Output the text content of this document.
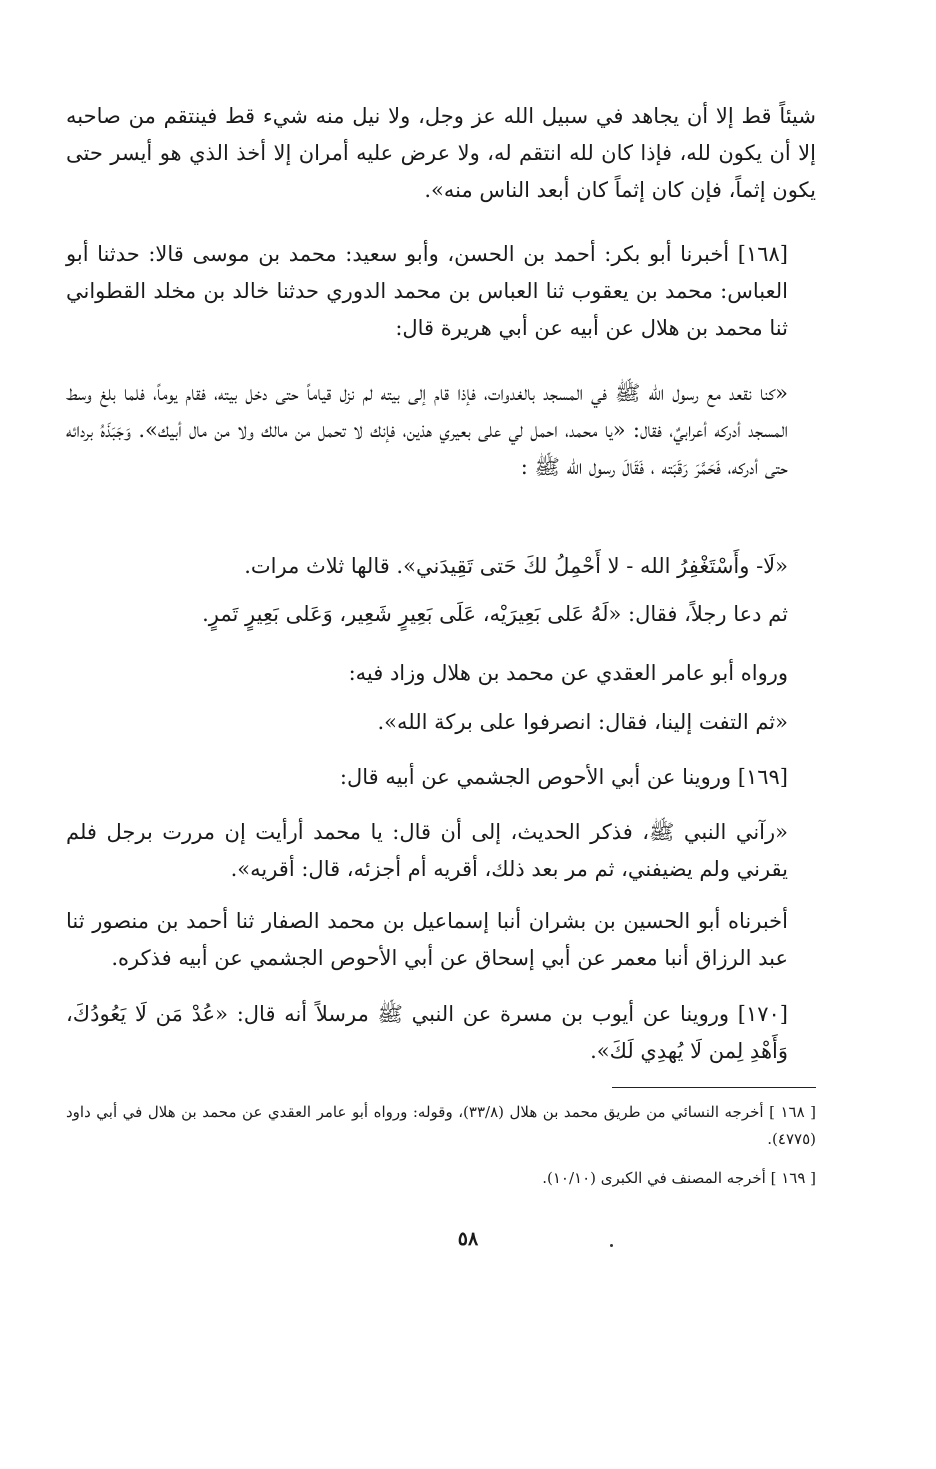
شيئاً قط إلا أن يجاهد في سبيل الله عز وجل، ولا نيل منه شيء قط فينتقم من صاحبه إلا أن يكون لله، فإذا كان لله انتقم له، ولا عرض عليه أمران إلا أخذ الذي هو أيسر حتى يكون إثماً، فإن كان إثماً كان أبعد الناس منه».

[١٦٨] أخبرنا أبو بكر: أحمد بن الحسن، وأبو سعيد: محمد بن موسى قالا: حدثنا أبو العباس: محمد بن يعقوب ثنا العباس بن محمد الدوري حدثنا خالد بن مخلد القطواني ثنا محمد بن هلال عن أبيه عن أبي هريرة قال:

«كنا نقعد مع رسول الله ﷺ في المسجد بالغدوات، فإذا قام إلى بيته لم نزل قياماً حتى دخل بيته، فقام يوماً، فلما بلغ وسط المسجد أدركه أعرابيٌ، فقال: «يا محمد، احمل لي على بعيري هذين، فإنك لا تحمل من مالك ولا من مال أبيك». وَجَبَذَهُ بردائه حتى أدركه، فَحَمَّرَ رَقَبَته ، فَقَالَ رسول الله ﷺ :

«لَا- وأَسْتَغْفِرُ الله - لا أَحْمِلُ لكَ حَتى تَقِيدَني». قالها ثلاث مرات.

ثم دعا رجلاً، فقال: «لَهُ عَلى بَعِيرَيْه، عَلَى بَعِيرٍ شَعِير، وَعَلى بَعِيرٍ تَمرٍ.

ورواه أبو عامر العقدي عن محمد بن هلال وزاد فيه:

«ثم التفت إلينا، فقال: انصرفوا على بركة الله».

[١٦٩] وروينا عن أبي الأحوص الجشمي عن أبيه قال:

«رآني النبي ﷺ، فذكر الحديث، إلى أن قال: يا محمد أرأيت إن مررت برجل فلم يقرني ولم يضيفني، ثم مر بعد ذلك، أقريه أم أجزئه، قال: أقريه».

أخبرناه أبو الحسين بن بشران أنبا إسماعيل بن محمد الصفار ثنا أحمد بن منصور ثنا عبد الرزاق أنبا معمر عن أبي إسحاق عن أبي الأحوص الجشمي عن أبيه فذكره.

[١٧٠] وروينا عن أيوب بن مسرة عن النبي ﷺ مرسلاً أنه قال: «عُدْ مَن لَا يَعُودُكَ، وَأَهْدِ لِمن لَا يُهدِي لَكَ».

[ ١٦٨ ] أخرجه النسائي من طريق محمد بن هلال (٣٣/٨)، وقوله: ورواه أبو عامر العقدي عن محمد بن هلال في أبي داود (٤٧٧٥).

[ ١٦٩ ] أخرجه المصنف في الكبرى (١٠/١٠).

٥٨
